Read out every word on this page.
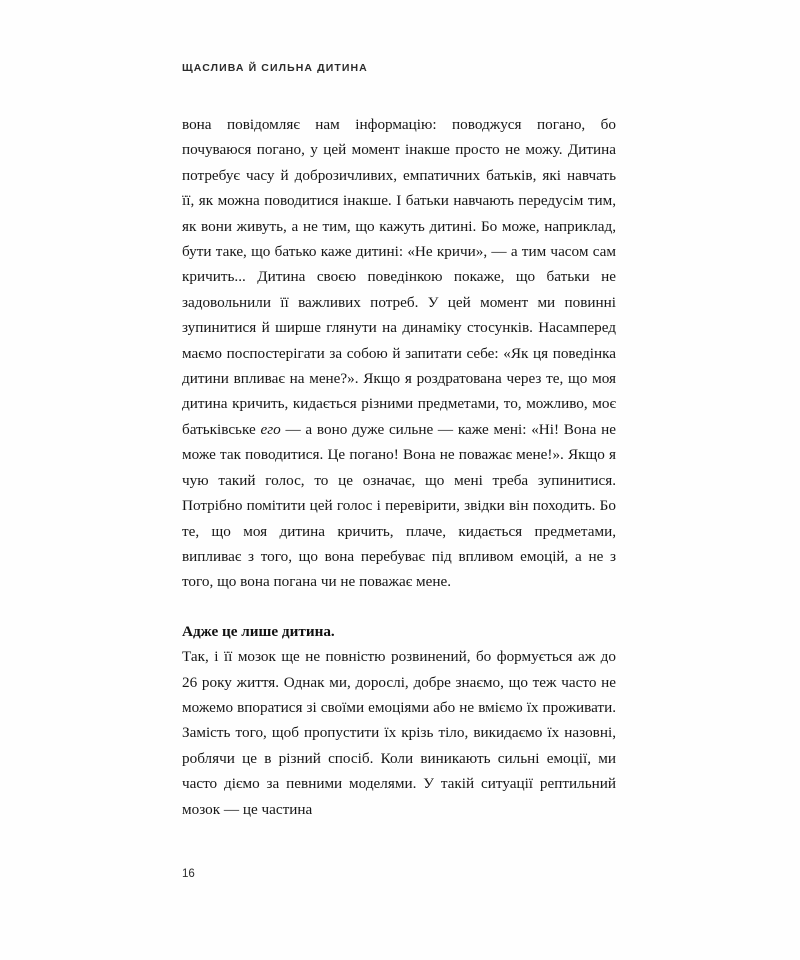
ЩАСЛИВА Й СИЛЬНА ДИТИНА

вона повідомляє нам інформацію: поводжуся погано, бо почуваюся погано, у цей момент інакше просто не можу. Дитина потребує часу й доброзичливих, емпатичних батьків, які навчать її, як можна поводитися інакше. І батьки навчають передусім тим, як вони живуть, а не тим, що кажуть дитині. Бо може, наприклад, бути таке, що батько каже дитині: «Не кричи», — а тим часом сам кричить... Дитина своєю поведінкою покаже, що батьки не задовольнили її важливих потреб. У цей момент ми повинні зупинитися й ширше глянути на динаміку стосунків. Насамперед маємо поспостерігати за собою й запитати себе: «Як ця поведінка дитини впливає на мене?». Якщо я роздратована через те, що моя дитина кричить, кидається різними предметами, то, можливо, моє батьківське его — а воно дуже сильне — каже мені: «Ні! Вона не може так поводитися. Це погано! Вона не поважає мене!». Якщо я чую такий голос, то це означає, що мені треба зупинитися. Потрібно помітити цей голос і перевірити, звідки він походить. Бо те, що моя дитина кричить, плаче, кидається предметами, випливає з того, що вона перебуває під впливом емоцій, а не з того, що вона погана чи не поважає мене.

Адже це лише дитина.

Так, і її мозок ще не повністю розвинений, бо формується аж до 26 року життя. Однак ми, дорослі, добре знаємо, що теж часто не можемо впоратися зі своїми емоціями або не вміємо їх проживати. Замість того, щоб пропустити їх крізь тіло, викидаємо їх назовні, роблячи це в різний спосіб. Коли виникають сильні емоції, ми часто діємо за певними моделями. У такій ситуації рептильний мозок — це частина

16
